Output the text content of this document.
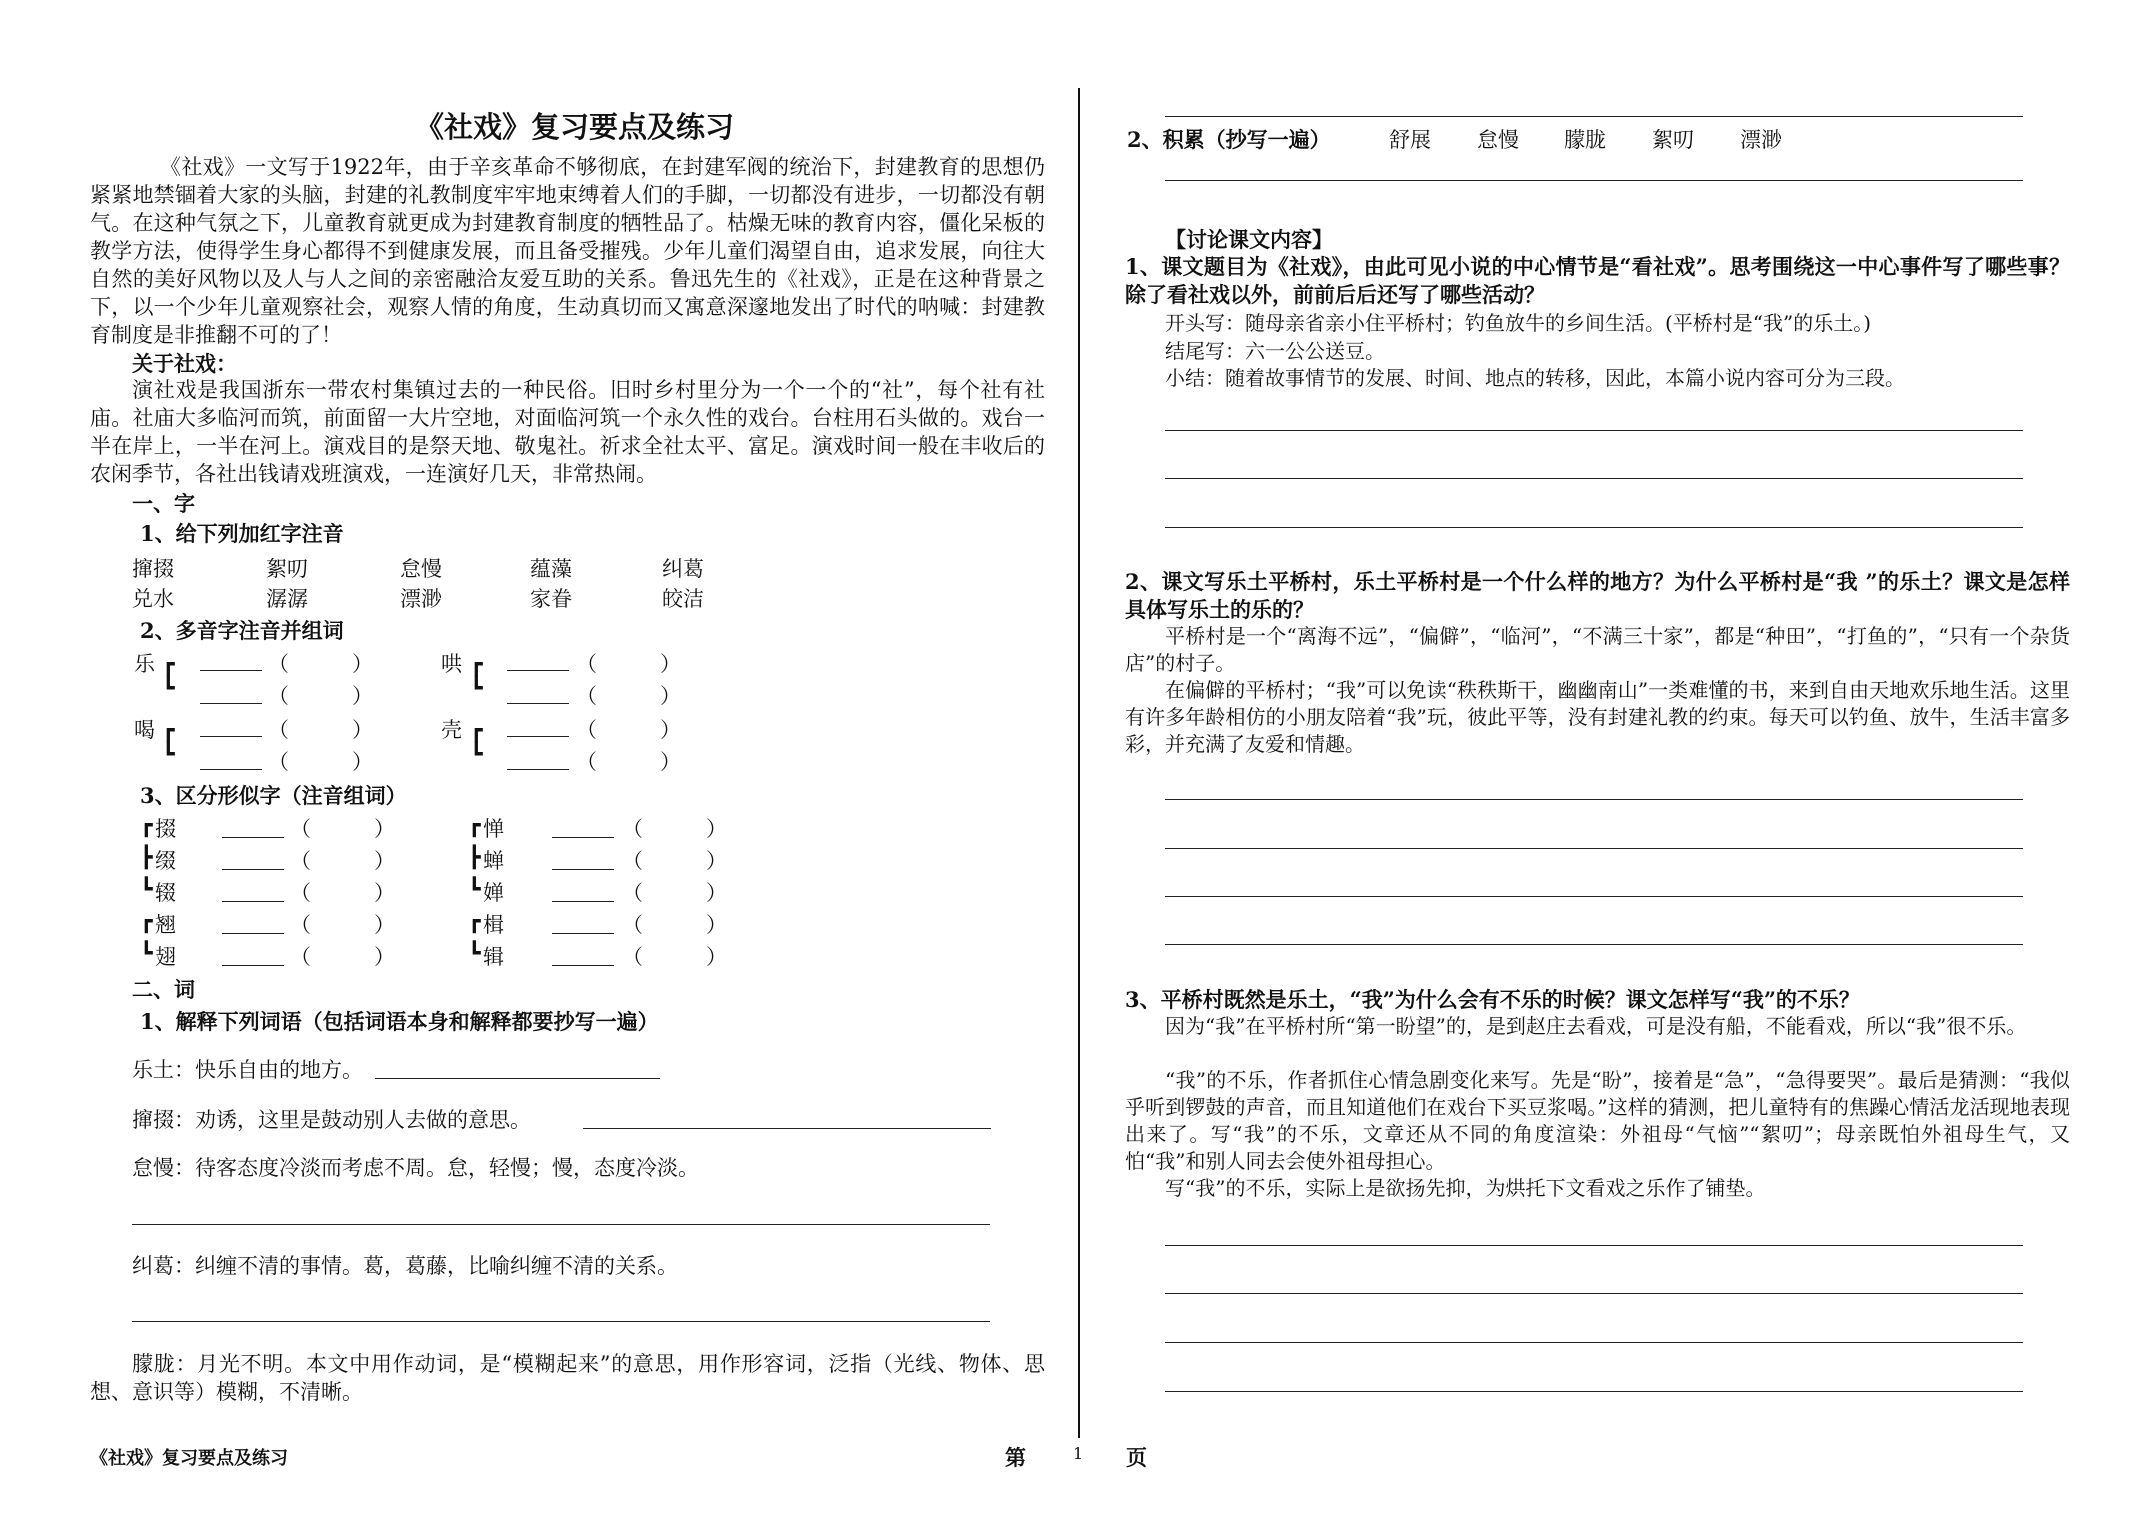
《社戏》复习要点及练习
《社戏》一文写于1922年，由于辛亥革命不够彻底，在封建军阀的统治下，封建教育的思想仍紧紧地禁锢着大家的头脑，封建的礼教制度牢牢地束缚着人们的手脚，一切都没有进步，一切都没有朝气。在这种气氛之下，儿童教育就更成为封建教育制度的牺牲品了。枯燥无味的教育内容，僵化呆板的教学方法，使得学生身心都得不到健康发展，而且备受摧残。少年儿童们渴望自由，追求发展，向往大自然的美好风物以及人与人之间的亲密融洽友爱互助的关系。鲁迅先生的《社戏》，正是在这种背景之下，以一个少年儿童观察社会，观察人情的角度，生动真切而又寓意深邃地发出了时代的呐喊：封建教育制度是非推翻不可的了！
关于社戏：
演社戏是我国浙东一带农村集镇过去的一种民俗。旧时乡村里分为一个一个的“社”，每个社有社庙。社庙大多临河而筑，前面留一大片空地，对面临河筑一个永久性的戏台。台柱用石头做的。戏台一半在岸上，一半在河上。演戏目的是祭天地、敬鬼社。祈求全社太平、富足。演戏时间一般在丰收后的农闲季节，各社出钱请戏班演戏，一连演好几天，非常热闹。
一、字
1、给下列加红字注音
撺掇	絮叨	怠慢	蕴藻	纠葛
兑水	潺潺	漂渺	家眷	皎洁
2、多音字注音并组词
乐 ┏	（　　　）
┗	（　　　）
哄 ┏	（　　　）
┗	（　　　）
喝 ┏	（　　　）
┗	（　　　）
壳 ┏	（　　　）
┗	（　　　）
3、区分形似字（注音组词）
┏ 掇	（　　　）
┣ 缀	（　　　）
┗ 辍	（　　　）
┏ 翘	（　　　）
┗ 翅	（　　　）
┏ 惮	（　　　）
┣ 蝉	（　　　）
┗ 婵	（　　　）
┏ 楫	（　　　）
┗ 辑	（　　　）
二、词
1、解释下列词语（包括词语本身和解释都要抄写一遍）
乐土：快乐自由的地方。
撺掇：劝诱，这里是鼓动别人去做的意思。
怠慢：待客态度冷淡而考虑不周。怠，轻慢；慢，态度冷淡。
纠葛：纠缠不清的事情。葛，葛藤，比喻纠缠不清的关系。
朦胧：月光不明。本文中用作动词，是“模糊起来”的意思，用作形容词，泛指（光线、物体、思想、意识等）模糊，不清晰。
《社戏》复习要点及练习	第	1 页
2、积累（抄写一遍）	舒展 怠慢 朦胧 絮叨 漂渺
【讨论课文内容】
1、课文题目为《社戏》，由此可见小说的中心情节是“看社戏”。思考围绕这一中心事件写了哪些事？除了看社戏以外，前前后后还写了哪些活动？
开头写：随母亲省亲小住平桥村；钓鱼放牛的乡间生活。(平桥村是“我”的乐土。)
结尾写：六一公公送豆。
小结：随着故事情节的发展、时间、地点的转移，因此，本篇小说内容可分为三段。
2、课文写乐土平桥村，乐土平桥村是一个什么样的地方？为什么平桥村是“我 ”的乐土？课文是怎样具体写乐土的乐的？
平桥村是一个“离海不远”，“偏僻”，“临河”，“不满三十家”，都是“种田”，“打鱼的”，“只有一个杂货店”的村子。
在偏僻的平桥村；“我”可以免读“秩秩斯干，幽幽南山”一类难懂的书，来到自由天地欢乐地生活。这里有许多年龄相仿的小朋友陪着“我”玩，彼此平等，没有封建礼教的约束。每天可以钓鱼、放牛，生活丰富多彩，并充满了友爱和情趣。
3、平桥村既然是乐土，“我”为什么会有不乐的时候？课文怎样写“我”的不乐？
因为“我”在平桥村所“第一盼望”的，是到赵庄去看戏，可是没有船，不能看戏，所以“我”很不乐。
“我”的不乐，作者抓住心情急剧变化来写。先是“盼”，接着是“急”，“急得要哭”。最后是猜测：“我似乎听到锣鼓的声音，而且知道他们在戏台下买豆浆喝。”这样的猜测，把儿童特有的焦躁心情活龙活现地表现出来了。写“我”的不乐，文章还从不同的角度渲染：外祖母“气恼”“絮叨”；母亲既怕外祖母生气，又怕“我”和别人同去会使外祖母担心。
写“我”的不乐，实际上是欲扬先抑，为烘托下文看戏之乐作了铺垫。
